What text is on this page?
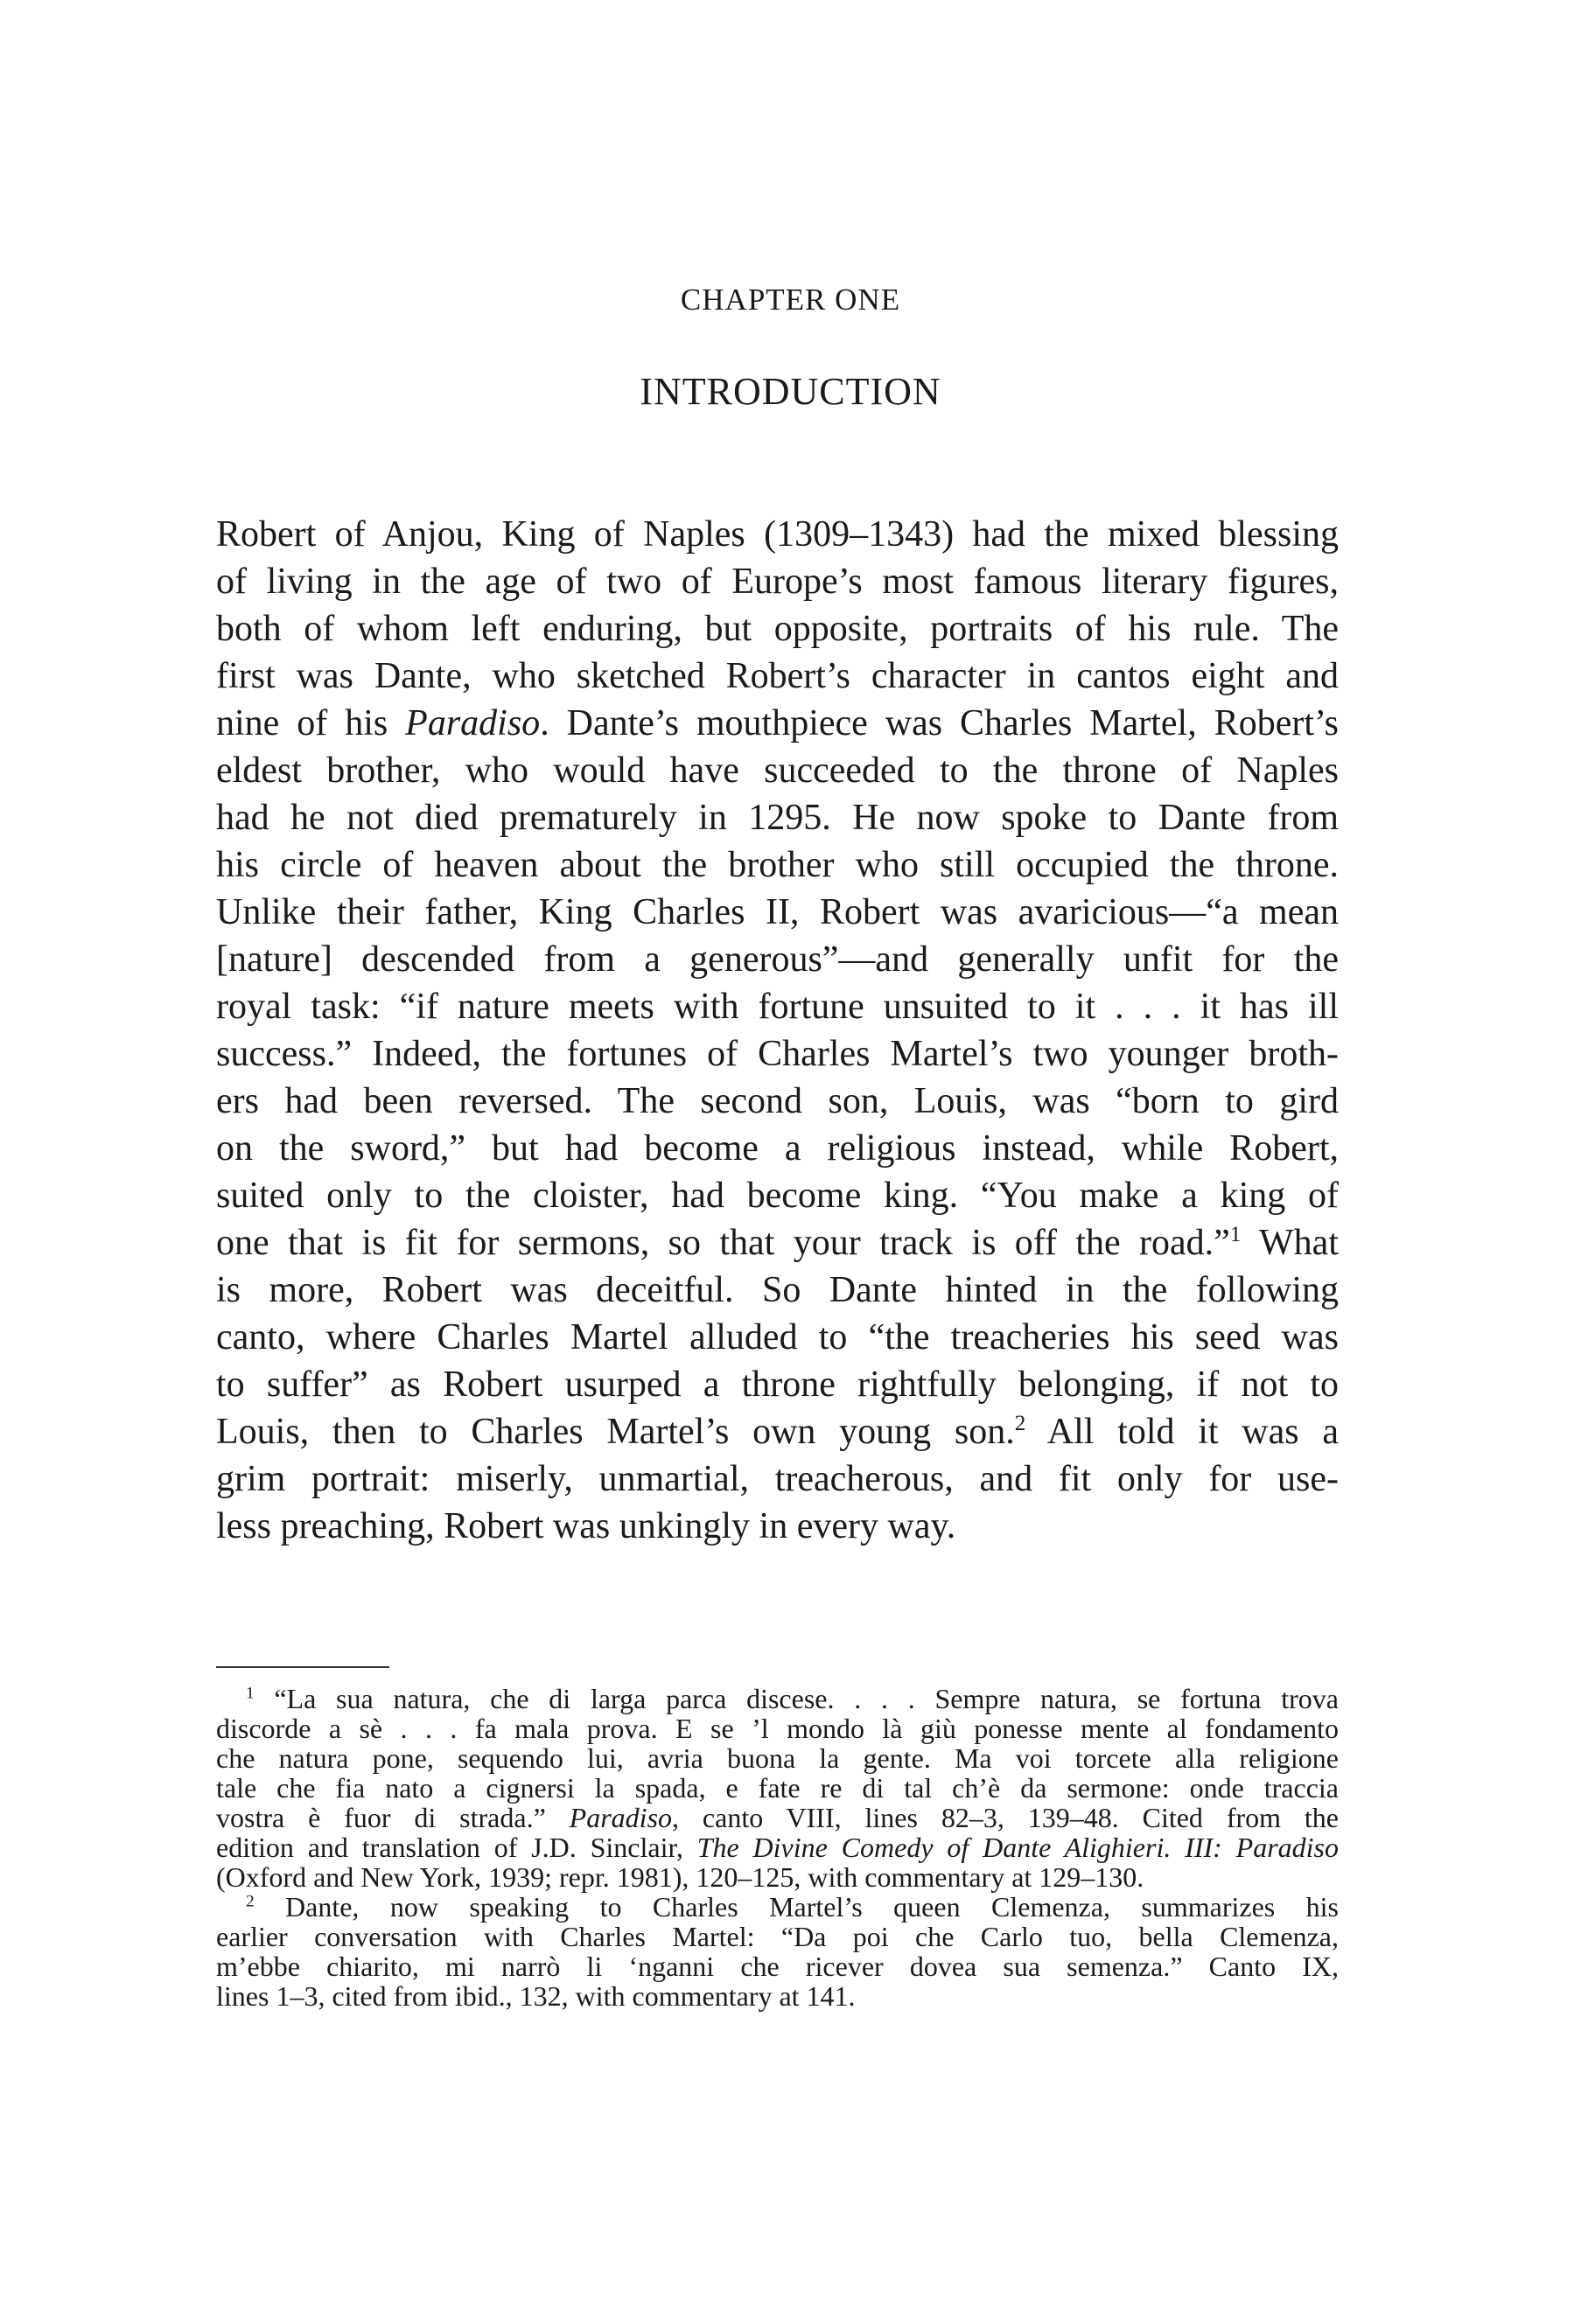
CHAPTER ONE
INTRODUCTION
Robert of Anjou, King of Naples (1309–1343) had the mixed blessing
of living in the age of two of Europe’s most famous literary figures,
both of whom left enduring, but opposite, portraits of his rule. The
first was Dante, who sketched Robert’s character in cantos eight and
nine of his Paradiso. Dante’s mouthpiece was Charles Martel, Robert’s
eldest brother, who would have succeeded to the throne of Naples
had he not died prematurely in 1295. He now spoke to Dante from
his circle of heaven about the brother who still occupied the throne.
Unlike their father, King Charles II, Robert was avaricious—“a mean
[nature] descended from a generous”—and generally unfit for the
royal task: “if nature meets with fortune unsuited to it . . . it has ill
success.” Indeed, the fortunes of Charles Martel’s two younger broth-
ers had been reversed. The second son, Louis, was “born to gird
on the sword,” but had become a religious instead, while Robert,
suited only to the cloister, had become king. “You make a king of
one that is fit for sermons, so that your track is off the road.”$^1$ What
is more, Robert was deceitful. So Dante hinted in the following
canto, where Charles Martel alluded to “the treacheries his seed was
to suffer” as Robert usurped a throne rightfully belonging, if not to
Louis, then to Charles Martel’s own young son.$^2$ All told it was a
grim portrait: miserly, unmartial, treacherous, and fit only for use-
less preaching, Robert was unkingly in every way.
$^1$ “La sua natura, che di larga parca discese. . . . Sempre natura, se fortuna trova
discorde a sè . . . fa mala prova. E se ’l mondo là giù ponesse mente al fondamento
che natura pone, sequendo lui, avria buona la gente. Ma voi torcete alla religione
tale che fia nato a cignersi la spada, e fate re di tal ch’è da sermone: onde traccia
vostra è fuor di strada.” Paradiso, canto VIII, lines 82–3, 139–48. Cited from the
edition and translation of J.D. Sinclair, The Divine Comedy of Dante Alighieri. III: Paradiso
(Oxford and New York, 1939; repr. 1981), 120–125, with commentary at 129–130.
$^2$ Dante, now speaking to Charles Martel’s queen Clemenza, summarizes his
earlier conversation with Charles Martel: “Da poi che Carlo tuo, bella Clemenza,
m’ebbe chiarito, mi narrò li ‘nganni che ricever dovea sua semenza.” Canto IX,
lines 1–3, cited from ibid., 132, with commentary at 141.
